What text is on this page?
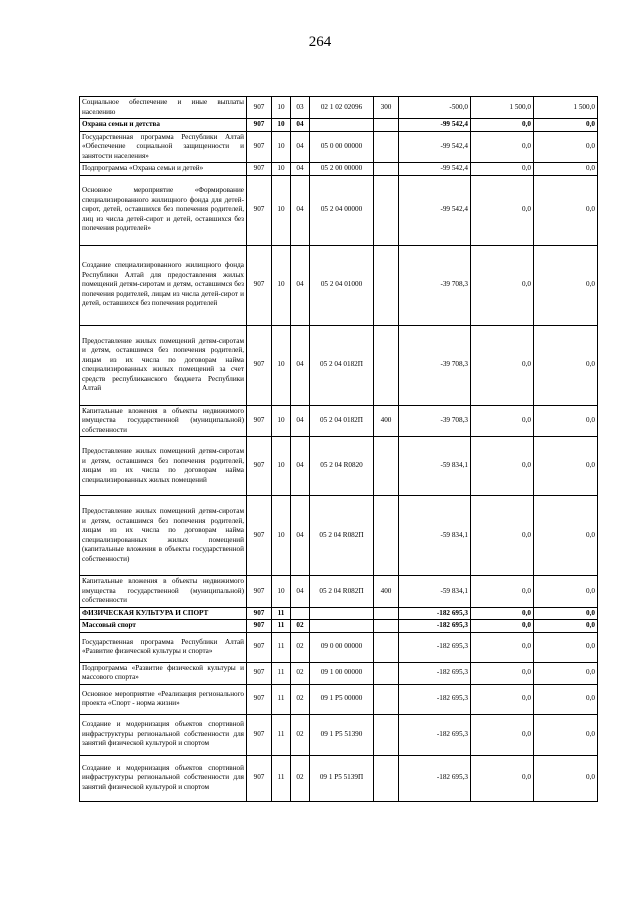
264
Социальное обеспечение и иные выплаты населению	907	10	03	02 1 02 02096	300	-500,0	1 500,0	1 500,0
Охрана семьи и детства	907	10	04			-99 542,4	0,0	0,0
Государственная программа Республики Алтай «Обеспечение социальной защищенности и занятости населения»	907	10	04	05 0 00 00000		-99 542,4	0,0	0,0
Подпрограмма «Охрана семьи и детей»	907	10	04	05 2 00 00000		-99 542,4	0,0	0,0
Основное мероприятие «Формирование специализированного жилищного фонда для детей-сирот, детей, оставшихся без попечения родителей, лиц из числа детей-сирот и детей, оставшихся без попечения родителей»	907	10	04	05 2 04 00000		-99 542,4	0,0	0,0
Создание специализированного жилищного фонда Республики Алтай для предоставления жилых помещений детям-сиротам и детям, оставшимся без попечения родителей, лицам из числа детей-сирот и детей, оставшихся без попечения родителей	907	10	04	05 2 04 01000		-39 708,3	0,0	0,0
Предоставление жилых помещений детям-сиротам и детям, оставшимся без попечения родителей, лицам из их числа по договорам найма специализированных жилых помещений за счет средств республиканского бюджета Республики Алтай	907	10	04	05 2 04 0182П		-39 708,3	0,0	0,0
Капитальные вложения в объекты недвижимого имущества государственной (муниципальной) собственности	907	10	04	05 2 04 0182П	400	-39 708,3	0,0	0,0
Предоставление жилых помещений детям-сиротам и детям, оставшимся без попечения родителей, лицам из их числа по договорам найма специализированных жилых помещений	907	10	04	05 2 04 R0820		-59 834,1	0,0	0,0
Предоставление жилых помещений детям-сиротам и детям, оставшимся без попечения родителей, лицам из их числа по договорам найма специализированных жилых помещений (капитальные вложения в объекты государственной собственности)	907	10	04	05 2 04 R082П		-59 834,1	0,0	0,0
Капитальные вложения в объекты недвижимого имущества государственной (муниципальной) собственности	907	10	04	05 2 04 R082П	400	-59 834,1	0,0	0,0
ФИЗИЧЕСКАЯ КУЛЬТУРА И СПОРТ	907	11				-182 695,3	0,0	0,0
Массовый спорт	907	11	02			-182 695,3	0,0	0,0
Государственная программа Республики Алтай «Развитие физической культуры и спорта»	907	11	02	09 0 00 00000		-182 695,3	0,0	0,0
Подпрограмма «Развитие физической культуры и массового спорта»	907	11	02	09 1 00 00000		-182 695,3	0,0	0,0
Основное мероприятие «Реализация регионального проекта «Спорт - норма жизни»	907	11	02	09 1 P5 00000		-182 695,3	0,0	0,0
Создание и модернизация объектов спортивной инфраструктуры региональной собственности для занятий физической культурой и спортом	907	11	02	09 1 P5 51390		-182 695,3	0,0	0,0
Создание и модернизация объектов спортивной инфраструктуры региональной собственности для занятий физической культурой и спортом	907	11	02	09 1 P5 5139П		-182 695,3	0,0	0,0
